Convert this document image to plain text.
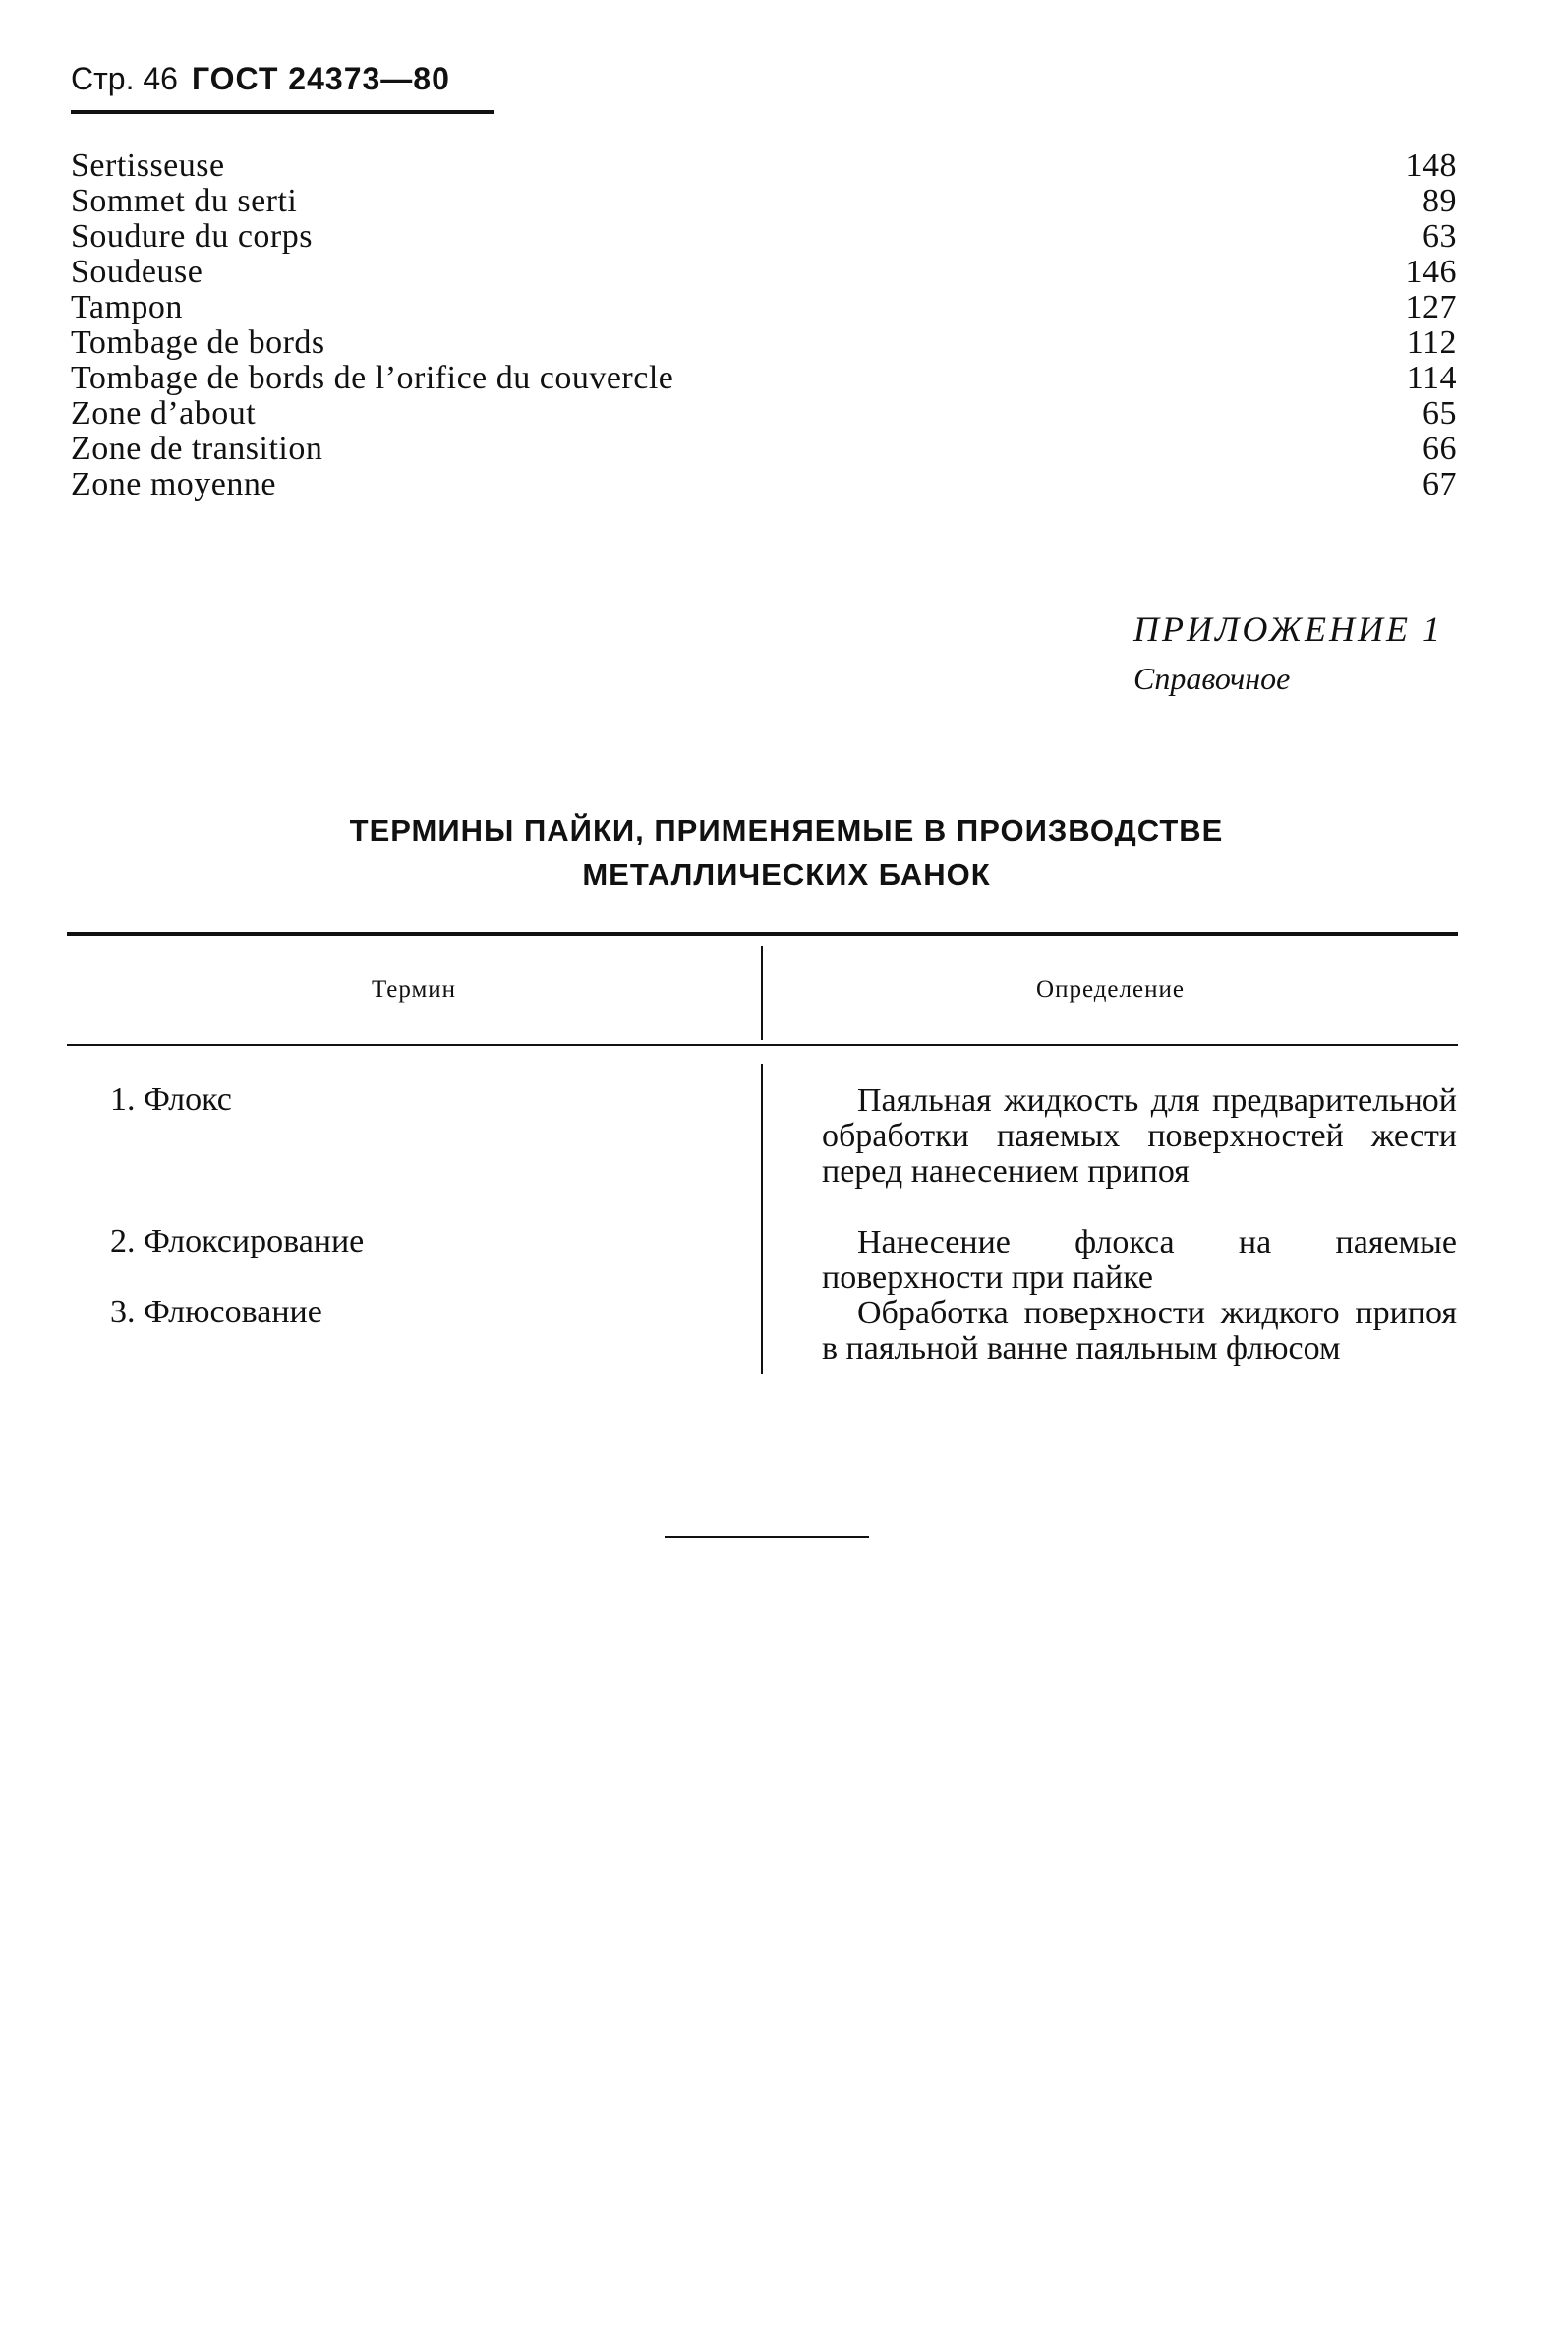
Стр. 46 ГОСТ 24373—80
Sertisseuse	148
Sommet du serti	89
Soudure du corps	63
Soudeuse	146
Tampon	127
Tombage de bords	112
Tombage de bords de l’orifice du couvercle	114
Zone d’about	65
Zone de transition	66
Zone moyenne	67
ПРИЛОЖЕНИЕ 1
Справочное
ТЕРМИНЫ ПАЙКИ, ПРИМЕНЯЕМЫЕ В ПРОИЗВОДСТВЕ
МЕТАЛЛИЧЕСКИХ БАНОК
Термин	Определение
1. Флокс	Паяльная жидкость для предварительной обработки паяемых поверхностей жести перед нанесением припоя
2. Флоксирование	Нанесение флокса на паяемые поверхности при пайке
3. Флюсование	Обработка поверхности жидкого припоя в паяльной ванне паяльным флюсом
